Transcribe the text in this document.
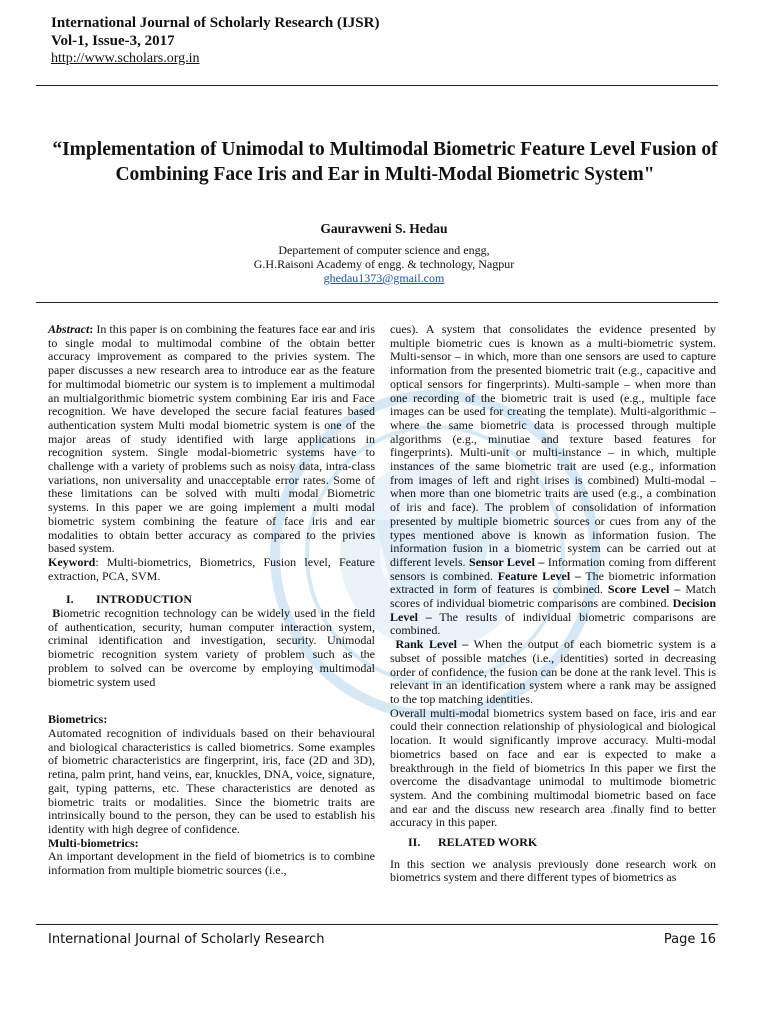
International Journal of Scholarly Research (IJSR)
Vol-1, Issue-3, 2017
http://www.scholars.org.in
“Implementation of Unimodal to Multimodal Biometric Feature Level Fusion of Combining Face Iris and Ear in Multi-Modal Biometric System"
Gauravweni S. Hedau
Departement of computer science and engg,
G.H.Raisoni Academy of engg. & technology, Nagpur
ghedau1373@gmail.com

Abstract: In this paper is on combining the features face ear and iris to single modal to multimodal combine of the obtain better accuracy improvement as compared to the privies system. The paper discusses a new research area to introduce ear as the feature for multimodal biometric our system is to implement a multimodal an multialgorithmic biometric system combining Ear iris and Face recognition. We have developed the secure facial features based authentication system Multi modal biometric system is one of the major areas of study identified with large applications in recognition system. Single modal-biometric systems have to challenge with a variety of problems such as noisy data, intra-class variations, non universality and unacceptable error rates. Some of these limitations can be solved with multi modal Biometric systems. In this paper we are going implement a multi modal biometric system combining the feature of face iris and ear modalities to obtain better accuracy as compared to the privies based system.

Keyword: Multi-biometrics, Biometrics, Fusion level, Feature extraction, PCA, SVM.

I. INTRODUCTION

Biometric recognition technology can be widely used in the field of authentication, security, human computer interaction system, criminal identification and investigation, security. Unimodal biometric recognition system variety of problem such as the problem to solved can be overcome by employing multimodal biometric system used

Biometrics:

Automated recognition of individuals based on their behavioural and biological characteristics is called biometrics. Some examples of biometric characteristics are fingerprint, iris, face (2D and 3D), retina, palm print, hand veins, ear, knuckles, DNA, voice, signature, gait, typing patterns, etc. These characteristics are denoted as biometric traits or modalities. Since the biometric traits are intrinsically bound to the person, they can be used to establish his identity with high degree of confidence.

Multi-biometrics:

An important development in the field of biometrics is to combine information from multiple biometric sources (i.e.,

cues). A system that consolidates the evidence presented by multiple biometric cues is known as a multi-biometric system. Multi-sensor – in which, more than one sensors are used to capture information from the presented biometric trait (e.g., capacitive and optical sensors for fingerprints). Multi-sample – when more than one recording of the biometric trait is used (e.g., multiple face images can be used for creating the template). Multi-algorithmic – where the same biometric data is processed through multiple algorithms (e.g., minutiae and texture based features for fingerprints). Multi-unit or multi-instance – in which, multiple instances of the same biometric trait are used (e.g., information from images of left and right irises is combined) Multi-modal – when more than one biometric traits are used (e.g., a combination of iris and face). The problem of consolidation of information presented by multiple biometric sources or cues from any of the types mentioned above is known as information fusion. The information fusion in a biometric system can be carried out at different levels. Sensor Level – Information coming from different sensors is combined. Feature Level – The biometric information extracted in form of features is combined. Score Level – Match scores of individual biometric comparisons are combined. Decision Level – The results of individual biometric comparisons are combined.

Rank Level – When the output of each biometric system is a subset of possible matches (i.e., identities) sorted in decreasing order of confidence, the fusion can be done at the rank level. This is relevant in an identification system where a rank may be assigned to the top matching identities.

Overall multi-modal biometrics system based on face, iris and ear could their connection relationship of physiological and biological location. It would significantly improve accuracy. Multi-modal biometrics based on face and ear is expected to make a breakthrough in the field of biometrics In this paper we first the overcome the disadvantage unimodal to multimode biometric system. And the combining multimodal biometric based on face and ear and the discuss new research area .finally find to better accuracy in this paper.

II. RELATED WORK

In this section we analysis previously done research work on biometrics system and there different types of biometrics as

International Journal of Scholarly Research	Page 16
